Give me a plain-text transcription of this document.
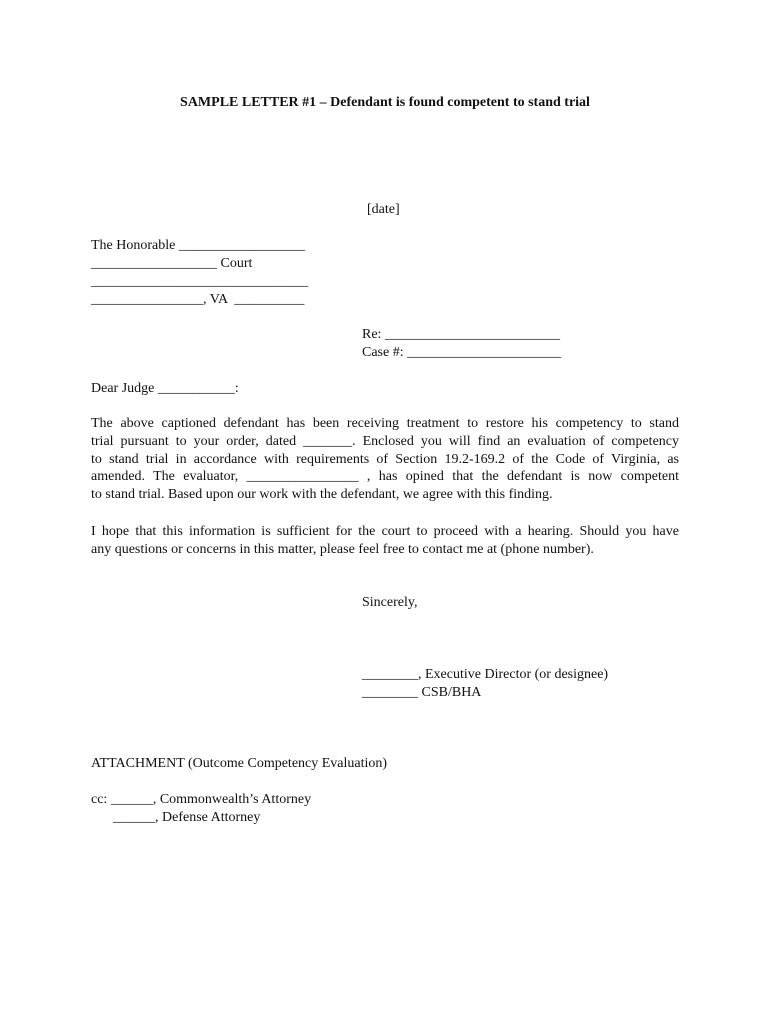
SAMPLE LETTER #1 – Defendant is found competent to stand trial
[date]
The Honorable __________________
__________________ Court
_______________________________
________________, VA  __________
Re: _________________________
Case #: ______________________
Dear Judge ___________:
The above captioned defendant has been receiving treatment to restore his competency to stand
trial pursuant to your order, dated _______. Enclosed you will find an evaluation of competency
to stand trial in accordance with requirements of Section 19.2-169.2 of the Code of Virginia, as
amended. The evaluator, ________________ , has opined that the defendant is now competent
to stand trial. Based upon our work with the defendant, we agree with this finding.
I hope that this information is sufficient for the court to proceed with a hearing. Should you have
any questions or concerns in this matter, please feel free to contact me at (phone number).
Sincerely,
________, Executive Director (or designee)
________ CSB/BHA
ATTACHMENT (Outcome Competency Evaluation)
cc: ______, Commonwealth’s Attorney
______, Defense Attorney
